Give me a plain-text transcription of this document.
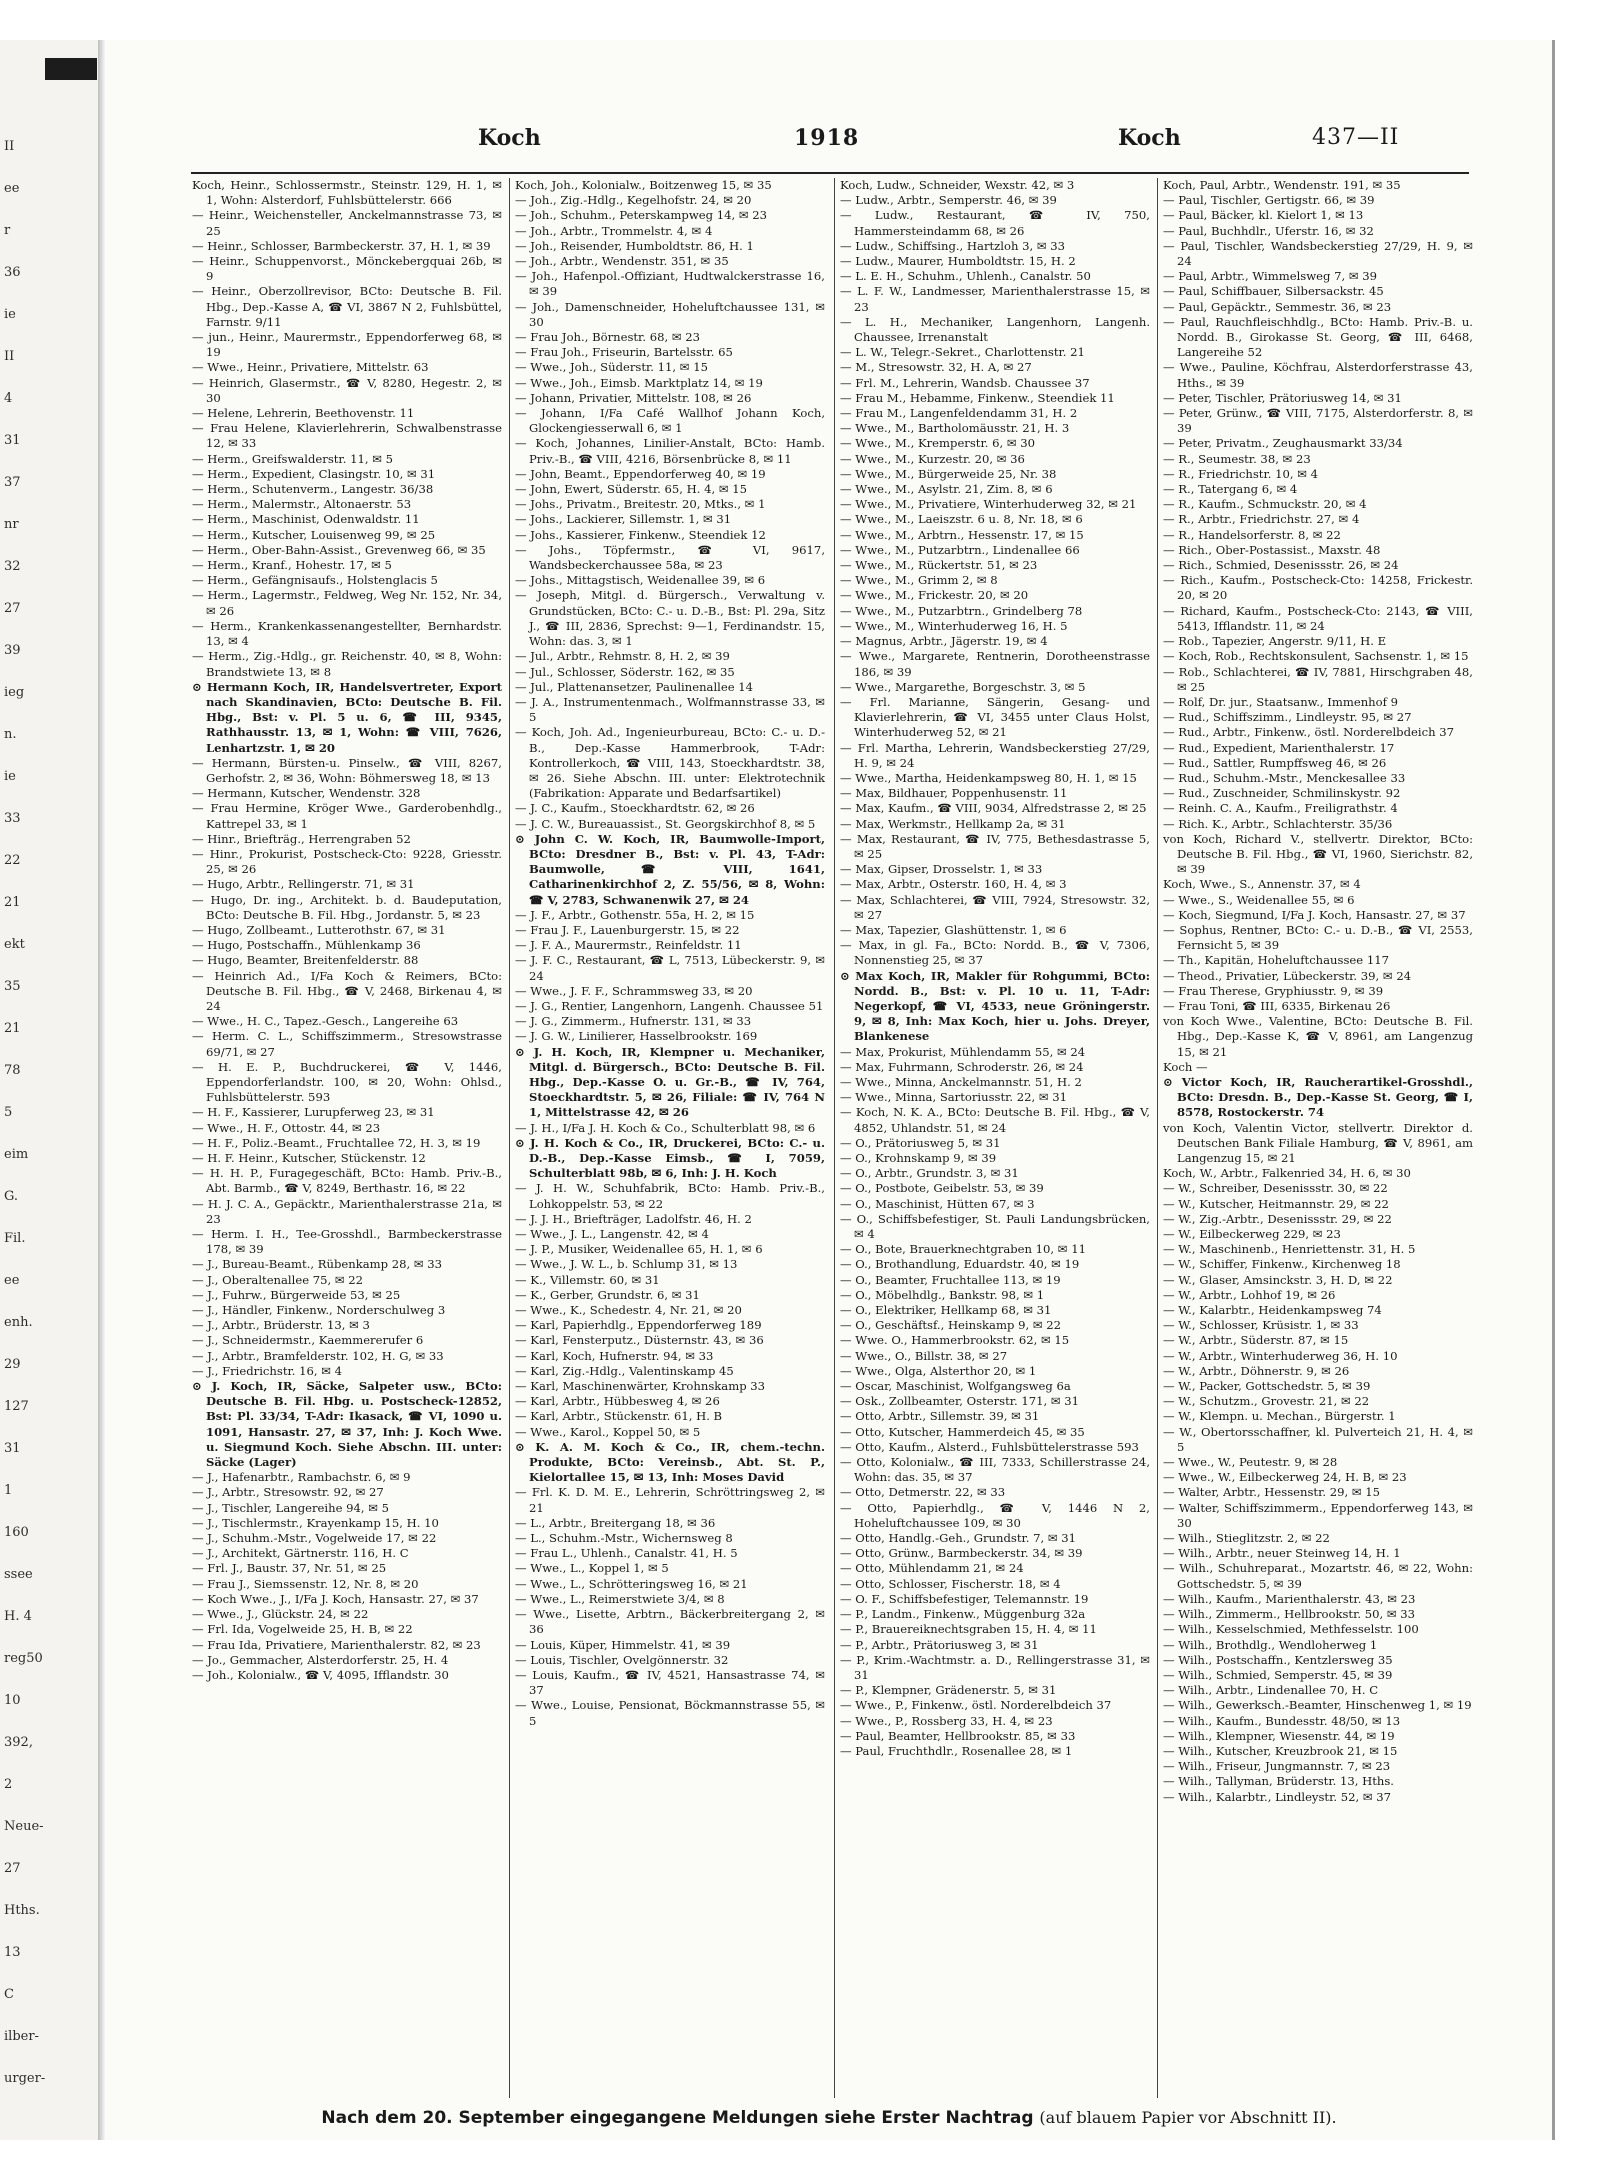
II
ee
r
36
ie
II
4
31
37
nr
32
27
39
ieg
n.
ie
33
22
21
ekt
35
21
78
5
eim
G.
Fil.
ee
enh.
29
127
31
1
160
ssee
H. 4
reg50
10
392,
2
Neue-
27
Hths.
13
C
ilber-
urger-
Koch	1918	Koch	437—II

Koch, Heinr., Schlossermstr., Steinstr. 129, H. 1, ✉ 1, Wohn: Alsterdorf, Fuhlsbüttelerstr. 666

— Heinr., Weichensteller, Anckelmannstrasse 73, ✉ 25

— Heinr., Schlosser, Barmbeckerstr. 37, H. 1, ✉ 39

— Heinr., Schuppenvorst., Mönckebergquai 26b, ✉ 9

— Heinr., Oberzollrevisor, BCto: Deutsche B. Fil. Hbg., Dep.-Kasse A, ☎ VI, 3867 N 2, Fuhlsbüttel, Farnstr. 9/11

— jun., Heinr., Maurermstr., Eppendorferweg 68, ✉ 19

— Wwe., Heinr., Privatiere, Mittelstr. 63

— Heinrich, Glasermstr., ☎ V, 8280, Hegestr. 2, ✉ 30

— Helene, Lehrerin, Beethovenstr. 11

— Frau Helene, Klavierlehrerin, Schwalbenstrasse 12, ✉ 33

— Herm., Greifswalderstr. 11, ✉ 5

— Herm., Expedient, Clasingstr. 10, ✉ 31

— Herm., Schutenverm., Langestr. 36/38

— Herm., Malermstr., Altonaerstr. 53

— Herm., Maschinist, Odenwaldstr. 11

— Herm., Kutscher, Louisenweg 99, ✉ 25

— Herm., Ober-Bahn-Assist., Grevenweg 66, ✉ 35

— Herm., Kranf., Hohestr. 17, ✉ 5

— Herm., Gefängnisaufs., Holstenglacis 5

— Herm., Lagermstr., Feldweg, Weg Nr. 152, Nr. 34, ✉ 26

— Herm., Krankenkassenangestellter, Bernhardstr. 13, ✉ 4

— Herm., Zig.-Hdlg., gr. Reichenstr. 40, ✉ 8, Wohn: Brandstwiete 13, ✉ 8

⊙ Hermann Koch, IR, Handelsvertreter, Export nach Skandinavien, BCto: Deutsche B. Fil. Hbg., Bst: v. Pl. 5 u. 6, ☎ III, 9345, Rathhausstr. 13, ✉ 1, Wohn: ☎ VIII, 7626, Lenhartzstr. 1, ✉ 20

— Hermann, Bürsten-u. Pinselw., ☎ VIII, 8267, Gerhofstr. 2, ✉ 36, Wohn: Böhmersweg 18, ✉ 13

— Hermann, Kutscher, Wendenstr. 328

— Frau Hermine, Kröger Wwe., Garderobenhdlg., Kattrepel 33, ✉ 1

— Hinr., Briefträg., Herrengraben 52

— Hinr., Prokurist, Postscheck-Cto: 9228, Griesstr. 25, ✉ 26

— Hugo, Arbtr., Rellingerstr. 71, ✉ 31

— Hugo, Dr. ing., Architekt. b. d. Baudeputation, BCto: Deutsche B. Fil. Hbg., Jordanstr. 5, ✉ 23

— Hugo, Zollbeamt., Lutterothstr. 67, ✉ 31

— Hugo, Postschaffn., Mühlenkamp 36

— Hugo, Beamter, Breitenfelderstr. 88

— Heinrich Ad., I/Fa Koch & Reimers, BCto: Deutsche B. Fil. Hbg., ☎ V, 2468, Birkenau 4, ✉ 24

— Wwe., H. C., Tapez.-Gesch., Langereihe 63

— Herm. C. L., Schiffszimmerm., Stresowstrasse 69/71, ✉ 27

— H. E. P., Buchdruckerei, ☎ V, 1446, Eppendorferlandstr. 100, ✉ 20, Wohn: Ohlsd., Fuhlsbüttelerstr. 593

— H. F., Kassierer, Lurupferweg 23, ✉ 31

— Wwe., H. F., Ottostr. 44, ✉ 23

— H. F., Poliz.-Beamt., Fruchtallee 72, H. 3, ✉ 19

— H. F. Heinr., Kutscher, Stückenstr. 12

— H. H. P., Furagegeschäft, BCto: Hamb. Priv.-B., Abt. Barmb., ☎ V, 8249, Berthastr. 16, ✉ 22

— H. J. C. A., Gepäcktr., Marienthalerstrasse 21a, ✉ 23

— Herm. I. H., Tee-Grosshdl., Barmbeckerstrasse 178, ✉ 39

— J., Bureau-Beamt., Rübenkamp 28, ✉ 33

— J., Oberaltenallee 75, ✉ 22

— J., Fuhrw., Bürgerweide 53, ✉ 25

— J., Händler, Finkenw., Norderschulweg 3

— J., Arbtr., Brüderstr. 13, ✉ 3

— J., Schneidermstr., Kaemmererufer 6

— J., Arbtr., Bramfelderstr. 102, H. G, ✉ 33

— J., Friedrichstr. 16, ✉ 4

⊙ J. Koch, IR, Säcke, Salpeter usw., BCto: Deutsche B. Fil. Hbg. u. Postscheck-12852, Bst: Pl. 33/34, T-Adr: Ikasack, ☎ VI, 1090 u. 1091, Hansastr. 27, ✉ 37, Inh: J. Koch Wwe. u. Siegmund Koch. Siehe Abschn. III. unter: Säcke (Lager)

— J., Hafenarbtr., Rambachstr. 6, ✉ 9

— J., Arbtr., Stresowstr. 92, ✉ 27

— J., Tischler, Langereihe 94, ✉ 5

— J., Tischlermstr., Krayenkamp 15, H. 10

— J., Schuhm.-Mstr., Vogelweide 17, ✉ 22

— J., Architekt, Gärtnerstr. 116, H. C

— Frl. J., Baustr. 37, Nr. 51, ✉ 25

— Frau J., Siemssenstr. 12, Nr. 8, ✉ 20

— Koch Wwe., J., I/Fa J. Koch, Hansastr. 27, ✉ 37

— Wwe., J., Glückstr. 24, ✉ 22

— Frl. Ida, Vogelweide 25, H. B, ✉ 22

— Frau Ida, Privatiere, Marienthalerstr. 82, ✉ 23

— Jo., Gemmacher, Alsterdorferstr. 25, H. 4

— Joh., Kolonialw., ☎ V, 4095, Ifflandstr. 30

Koch, Joh., Kolonialw., Boitzenweg 15, ✉ 35

— Joh., Zig.-Hdlg., Kegelhofstr. 24, ✉ 20

— Joh., Schuhm., Peterskampweg 14, ✉ 23

— Joh., Arbtr., Trommelstr. 4, ✉ 4

— Joh., Reisender, Humboldtstr. 86, H. 1

— Joh., Arbtr., Wendenstr. 351, ✉ 35

— Joh., Hafenpol.-Offiziant, Hudtwalckerstrasse 16, ✉ 39

— Joh., Damenschneider, Hoheluftchaussee 131, ✉ 30

— Frau Joh., Börnestr. 68, ✉ 23

— Frau Joh., Friseurin, Bartelsstr. 65

— Wwe., Joh., Süderstr. 11, ✉ 15

— Wwe., Joh., Eimsb. Marktplatz 14, ✉ 19

— Johann, Privatier, Mittelstr. 108, ✉ 26

— Johann, I/Fa Café Wallhof Johann Koch, Glockengiesserwall 6, ✉ 1

— Koch, Johannes, Linilier-Anstalt, BCto: Hamb. Priv.-B., ☎ VIII, 4216, Börsenbrücke 8, ✉ 11

— John, Beamt., Eppendorferweg 40, ✉ 19

— John, Ewert, Süderstr. 65, H. 4, ✉ 15

— Johs., Privatm., Breitestr. 20, Mtks., ✉ 1

— Johs., Lackierer, Sillemstr. 1, ✉ 31

— Johs., Kassierer, Finkenw., Steendiek 12

— Johs., Töpfermstr., ☎ VI, 9617, Wandsbeckerchaussee 58a, ✉ 23

— Johs., Mittagstisch, Weidenallee 39, ✉ 6

— Joseph, Mitgl. d. Bürgersch., Verwaltung v. Grundstücken, BCto: C.- u. D.-B., Bst: Pl. 29a, Sitz J., ☎ III, 2836, Sprechst: 9—1, Ferdinandstr. 15, Wohn: das. 3, ✉ 1

— Jul., Arbtr., Rehmstr. 8, H. 2, ✉ 39

— Jul., Schlosser, Söderstr. 162, ✉ 35

— Jul., Plattenansetzer, Paulinenallee 14

— J. A., Instrumentenmach., Wolfmannstrasse 33, ✉ 5

— Koch, Joh. Ad., Ingenieurbureau, BCto: C.- u. D.-B., Dep.-Kasse Hammerbrook, T-Adr: Kontrollerkoch, ☎ VIII, 143, Stoeckhardtstr. 38, ✉ 26. Siehe Abschn. III. unter: Elektrotechnik (Fabrikation: Apparate und Bedarfsartikel)

— J. C., Kaufm., Stoeckhardtstr. 62, ✉ 26

— J. C. W., Bureauassist., St. Georgskirchhof 8, ✉ 5

⊙ John C. W. Koch, IR, Baumwolle-Import, BCto: Dresdner B., Bst: v. Pl. 43, T-Adr: Baumwolle, ☎ VIII, 1641, Catharinenkirchhof 2, Z. 55/56, ✉ 8, Wohn: ☎ V, 2783, Schwanenwik 27, ✉ 24

— J. F., Arbtr., Gothenstr. 55a, H. 2, ✉ 15

— Frau J. F., Lauenburgerstr. 15, ✉ 22

— J. F. A., Maurermstr., Reinfeldstr. 11

— J. F. C., Restaurant, ☎ L, 7513, Lübeckerstr. 9, ✉ 24

— Wwe., J. F. F., Schrammsweg 33, ✉ 20

— J. G., Rentier, Langenhorn, Langenh. Chaussee 51

— J. G., Zimmerm., Hufnerstr. 131, ✉ 33

— J. G. W., Linilierer, Hasselbrookstr. 169

⊙ J. H. Koch, IR, Klempner u. Mechaniker, Mitgl. d. Bürgersch., BCto: Deutsche B. Fil. Hbg., Dep.-Kasse O. u. Gr.-B., ☎ IV, 764, Stoeckhardtstr. 5, ✉ 26, Filiale: ☎ IV, 764 N 1, Mittelstrasse 42, ✉ 26

— J. H., I/Fa J. H. Koch & Co., Schulterblatt 98, ✉ 6

⊙ J. H. Koch & Co., IR, Druckerei, BCto: C.- u. D.-B., Dep.-Kasse Eimsb., ☎ I, 7059, Schulterblatt 98b, ✉ 6, Inh: J. H. Koch

— J. H. W., Schuhfabrik, BCto: Hamb. Priv.-B., Lohkoppelstr. 53, ✉ 22

— J. J. H., Briefträger, Ladolfstr. 46, H. 2

— Wwe., J. L., Langenstr. 42, ✉ 4

— J. P., Musiker, Weidenallee 65, H. 1, ✉ 6

— Wwe., J. W. L., b. Schlump 31, ✉ 13

— K., Villemstr. 60, ✉ 31

— K., Gerber, Grundstr. 6, ✉ 31

— Wwe., K., Schedestr. 4, Nr. 21, ✉ 20

— Karl, Papierhdlg., Eppendorferweg 189

— Karl, Fensterputz., Düsternstr. 43, ✉ 36

— Karl, Koch, Hufnerstr. 94, ✉ 33

— Karl, Zig.-Hdlg., Valentinskamp 45

— Karl, Maschinenwärter, Krohnskamp 33

— Karl, Arbtr., Hübbesweg 4, ✉ 26

— Karl, Arbtr., Stückenstr. 61, H. B

— Wwe., Karol., Koppel 50, ✉ 5

⊙ K. A. M. Koch & Co., IR, chem.-techn. Produkte, BCto: Vereinsb., Abt. St. P., Kielortallee 15, ✉ 13, Inh: Moses David

— Frl. K. D. M. E., Lehrerin, Schröttringsweg 2, ✉ 21

— L., Arbtr., Breitergang 18, ✉ 36

— L., Schuhm.-Mstr., Wichernsweg 8

— Frau L., Uhlenh., Canalstr. 41, H. 5

— Wwe., L., Koppel 1, ✉ 5

— Wwe., L., Schrötteringsweg 16, ✉ 21

— Wwe., L., Reimerstwiete 3/4, ✉ 8

— Wwe., Lisette, Arbtrn., Bäckerbreitergang 2, ✉ 36

— Louis, Küper, Himmelstr. 41, ✉ 39

— Louis, Tischler, Ovelgönnerstr. 32

— Louis, Kaufm., ☎ IV, 4521, Hansastrasse 74, ✉ 37

— Wwe., Louise, Pensionat, Böckmannstrasse 55, ✉ 5

Koch, Ludw., Schneider, Wexstr. 42, ✉ 3

— Ludw., Arbtr., Semperstr. 46, ✉ 39

— Ludw., Restaurant, ☎ IV, 750, Hammersteindamm 68, ✉ 26

— Ludw., Schiffsing., Hartzloh 3, ✉ 33

— Ludw., Maurer, Humboldtstr. 15, H. 2

— L. E. H., Schuhm., Uhlenh., Canalstr. 50

— L. F. W., Landmesser, Marienthalerstrasse 15, ✉ 23

— L. H., Mechaniker, Langenhorn, Langenh. Chaussee, Irrenanstalt

— L. W., Telegr.-Sekret., Charlottenstr. 21

— M., Stresowstr. 32, H. A, ✉ 27

— Frl. M., Lehrerin, Wandsb. Chaussee 37

— Frau M., Hebamme, Finkenw., Steendiek 11

— Frau M., Langenfeldendamm 31, H. 2

— Wwe., M., Bartholomäusstr. 21, H. 3

— Wwe., M., Kremperstr. 6, ✉ 30

— Wwe., M., Kurzestr. 20, ✉ 36

— Wwe., M., Bürgerweide 25, Nr. 38

— Wwe., M., Asylstr. 21, Zim. 8, ✉ 6

— Wwe., M., Privatiere, Winterhuderweg 32, ✉ 21

— Wwe., M., Laeiszstr. 6 u. 8, Nr. 18, ✉ 6

— Wwe., M., Arbtrn., Hessenstr. 17, ✉ 15

— Wwe., M., Putzarbtrn., Lindenallee 66

— Wwe., M., Rückertstr. 51, ✉ 23

— Wwe., M., Grimm 2, ✉ 8

— Wwe., M., Frickestr. 20, ✉ 20

— Wwe., M., Putzarbtrn., Grindelberg 78

— Wwe., M., Winterhuderweg 16, H. 5

— Magnus, Arbtr., Jägerstr. 19, ✉ 4

— Wwe., Margarete, Rentnerin, Dorotheenstrasse 186, ✉ 39

— Wwe., Margarethe, Borgeschstr. 3, ✉ 5

— Frl. Marianne, Sängerin, Gesang- und Klavierlehrerin, ☎ VI, 3455 unter Claus Holst, Winterhuderweg 52, ✉ 21

— Frl. Martha, Lehrerin, Wandsbeckerstieg 27/29, H. 9, ✉ 24

— Wwe., Martha, Heidenkampsweg 80, H. 1, ✉ 15

— Max, Bildhauer, Poppenhusenstr. 11

— Max, Kaufm., ☎ VIII, 9034, Alfredstrasse 2, ✉ 25

— Max, Werkmstr., Hellkamp 2a, ✉ 31

— Max, Restaurant, ☎ IV, 775, Bethesdastrasse 5, ✉ 25

— Max, Gipser, Drosselstr. 1, ✉ 33

— Max, Arbtr., Osterstr. 160, H. 4, ✉ 3

— Max, Schlachterei, ☎ VIII, 7924, Stresowstr. 32, ✉ 27

— Max, Tapezier, Glashüttenstr. 1, ✉ 6

— Max, in gl. Fa., BCto: Nordd. B., ☎ V, 7306, Nonnenstieg 25, ✉ 37

⊙ Max Koch, IR, Makler für Rohgummi, BCto: Nordd. B., Bst: v. Pl. 10 u. 11, T-Adr: Negerkopf, ☎ VI, 4533, neue Gröningerstr. 9, ✉ 8, Inh: Max Koch, hier u. Johs. Dreyer, Blankenese

— Max, Prokurist, Mühlendamm 55, ✉ 24

— Max, Fuhrmann, Schroderstr. 26, ✉ 24

— Wwe., Minna, Anckelmannstr. 51, H. 2

— Wwe., Minna, Sartoriusstr. 22, ✉ 31

— Koch, N. K. A., BCto: Deutsche B. Fil. Hbg., ☎ V, 4852, Uhlandstr. 51, ✉ 24

— O., Prätoriusweg 5, ✉ 31

— O., Krohnskamp 9, ✉ 39

— O., Arbtr., Grundstr. 3, ✉ 31

— O., Postbote, Geibelstr. 53, ✉ 39

— O., Maschinist, Hütten 67, ✉ 3

— O., Schiffsbefestiger, St. Pauli Landungsbrücken, ✉ 4

— O., Bote, Brauerknechtgraben 10, ✉ 11

— O., Brothandlung, Eduardstr. 40, ✉ 19

— O., Beamter, Fruchtallee 113, ✉ 19

— O., Möbelhdlg., Bankstr. 98, ✉ 1

— O., Elektriker, Hellkamp 68, ✉ 31

— O., Geschäftsf., Heinskamp 9, ✉ 22

— Wwe. O., Hammerbrookstr. 62, ✉ 15

— Wwe., O., Billstr. 38, ✉ 27

— Wwe., Olga, Alsterthor 20, ✉ 1

— Oscar, Maschinist, Wolfgangsweg 6a

— Osk., Zollbeamter, Osterstr. 171, ✉ 31

— Otto, Arbtr., Sillemstr. 39, ✉ 31

— Otto, Kutscher, Hammerdeich 45, ✉ 35

— Otto, Kaufm., Alsterd., Fuhlsbüttelerstrasse 593

— Otto, Kolonialw., ☎ III, 7333, Schillerstrasse 24, Wohn: das. 35, ✉ 37

— Otto, Detmerstr. 22, ✉ 33

— Otto, Papierhdlg., ☎ V, 1446 N 2, Hoheluftchaussee 109, ✉ 30

— Otto, Handlg.-Geh., Grundstr. 7, ✉ 31

— Otto, Grünw., Barmbeckerstr. 34, ✉ 39

— Otto, Mühlendamm 21, ✉ 24

— Otto, Schlosser, Fischerstr. 18, ✉ 4

— O. F., Schiffsbefestiger, Telemannstr. 19

— P., Landm., Finkenw., Müggenburg 32a

— P., Brauereiknechtsgraben 15, H. 4, ✉ 11

— P., Arbtr., Prätoriusweg 3, ✉ 31

— P., Krim.-Wachtmstr. a. D., Rellingerstrasse 31, ✉ 31

— P., Klempner, Grädenerstr. 5, ✉ 31

— Wwe., P., Finkenw., östl. Norderelbdeich 37

— Wwe., P., Rossberg 33, H. 4, ✉ 23

— Paul, Beamter, Hellbrookstr. 85, ✉ 33

— Paul, Fruchthdlr., Rosenallee 28, ✉ 1

Koch, Paul, Arbtr., Wendenstr. 191, ✉ 35

— Paul, Tischler, Gertigstr. 66, ✉ 39

— Paul, Bäcker, kl. Kielort 1, ✉ 13

— Paul, Buchhdlr., Uferstr. 16, ✉ 32

— Paul, Tischler, Wandsbeckerstieg 27/29, H. 9, ✉ 24

— Paul, Arbtr., Wimmelsweg 7, ✉ 39

— Paul, Schiffbauer, Silbersackstr. 45

— Paul, Gepäcktr., Semmestr. 36, ✉ 23

— Paul, Rauchfleischhdlg., BCto: Hamb. Priv.-B. u. Nordd. B., Girokasse St. Georg, ☎ III, 6468, Langereihe 52

— Wwe., Pauline, Köchfrau, Alsterdorferstrasse 43, Hths., ✉ 39

— Peter, Tischler, Prätoriusweg 14, ✉ 31

— Peter, Grünw., ☎ VIII, 7175, Alsterdorferstr. 8, ✉ 39

— Peter, Privatm., Zeughausmarkt 33/34

— R., Seumestr. 38, ✉ 23

— R., Friedrichstr. 10, ✉ 4

— R., Tatergang 6, ✉ 4

— R., Kaufm., Schmuckstr. 20, ✉ 4

— R., Arbtr., Friedrichstr. 27, ✉ 4

— R., Handelsorferstr. 8, ✉ 22

— Rich., Ober-Postassist., Maxstr. 48

— Rich., Schmied, Desenissstr. 26, ✉ 24

— Rich., Kaufm., Postscheck-Cto: 14258, Frickestr. 20, ✉ 20

— Richard, Kaufm., Postscheck-Cto: 2143, ☎ VIII, 5413, Ifflandstr. 11, ✉ 24

— Rob., Tapezier, Angerstr. 9/11, H. E

— Koch, Rob., Rechtskonsulent, Sachsenstr. 1, ✉ 15

— Rob., Schlachterei, ☎ IV, 7881, Hirschgraben 48, ✉ 25

— Rolf, Dr. jur., Staatsanw., Immenhof 9

— Rud., Schiffszimm., Lindleystr. 95, ✉ 27

— Rud., Arbtr., Finkenw., östl. Norderelbdeich 37

— Rud., Expedient, Marienthalerstr. 17

— Rud., Sattler, Rumpffsweg 46, ✉ 26

— Rud., Schuhm.-Mstr., Menckesallee 33

— Rud., Zuschneider, Schmilinskystr. 92

— Reinh. C. A., Kaufm., Freiligrathstr. 4

— Rich. K., Arbtr., Schlachterstr. 35/36

von Koch, Richard V., stellvertr. Direktor, BCto: Deutsche B. Fil. Hbg., ☎ VI, 1960, Sierichstr. 82, ✉ 39

Koch, Wwe., S., Annenstr. 37, ✉ 4

— Wwe., S., Weidenallee 55, ✉ 6

— Koch, Siegmund, I/Fa J. Koch, Hansastr. 27, ✉ 37

— Sophus, Rentner, BCto: C.- u. D.-B., ☎ VI, 2553, Fernsicht 5, ✉ 39

— Th., Kapitän, Hoheluftchaussee 117

— Theod., Privatier, Lübeckerstr. 39, ✉ 24

— Frau Therese, Gryphiusstr. 9, ✉ 39

— Frau Toni, ☎ III, 6335, Birkenau 26

von Koch Wwe., Valentine, BCto: Deutsche B. Fil. Hbg., Dep.-Kasse K, ☎ V, 8961, am Langenzug 15, ✉ 21

Koch —

⊙ Victor Koch, IR, Raucherartikel-Grosshdl., BCto: Dresdn. B., Dep.-Kasse St. Georg, ☎ I, 8578, Rostockerstr. 74

von Koch, Valentin Victor, stellvertr. Direktor d. Deutschen Bank Filiale Hamburg, ☎ V, 8961, am Langenzug 15, ✉ 21

Koch, W., Arbtr., Falkenried 34, H. 6, ✉ 30

— W., Schreiber, Desenissstr. 30, ✉ 22

— W., Kutscher, Heitmannstr. 29, ✉ 22

— W., Zig.-Arbtr., Desenissstr. 29, ✉ 22

— W., Eilbeckerweg 229, ✉ 23

— W., Maschinenb., Henriettenstr. 31, H. 5

— W., Schiffer, Finkenw., Kirchenweg 18

— W., Glaser, Amsinckstr. 3, H. D, ✉ 22

— W., Arbtr., Lohhof 19, ✉ 26

— W., Kalarbtr., Heidenkampsweg 74

— W., Schlosser, Krüsistr. 1, ✉ 33

— W., Arbtr., Süderstr. 87, ✉ 15

— W., Arbtr., Winterhuderweg 36, H. 10

— W., Arbtr., Döhnerstr. 9, ✉ 26

— W., Packer, Gottschedstr. 5, ✉ 39

— W., Schutzm., Grovestr. 21, ✉ 22

— W., Klempn. u. Mechan., Bürgerstr. 1

— W., Obertorsschaffner, kl. Pulverteich 21, H. 4, ✉ 5

— Wwe., W., Peutestr. 9, ✉ 28

— Wwe., W., Eilbeckerweg 24, H. B, ✉ 23

— Walter, Arbtr., Hessenstr. 29, ✉ 15

— Walter, Schiffszimmerm., Eppendorferweg 143, ✉ 30

— Wilh., Stieglitzstr. 2, ✉ 22

— Wilh., Arbtr., neuer Steinweg 14, H. 1

— Wilh., Schuhreparat., Mozartstr. 46, ✉ 22, Wohn: Gottschedstr. 5, ✉ 39

— Wilh., Kaufm., Marienthalerstr. 43, ✉ 23

— Wilh., Zimmerm., Hellbrookstr. 50, ✉ 33

— Wilh., Kesselschmied, Methfesselstr. 100

— Wilh., Brothdlg., Wendloherweg 1

— Wilh., Postschaffn., Kentzlersweg 35

— Wilh., Schmied, Semperstr. 45, ✉ 39

— Wilh., Arbtr., Lindenallee 70, H. C

— Wilh., Gewerksch.-Beamter, Hinschenweg 1, ✉ 19

— Wilh., Kaufm., Bundesstr. 48/50, ✉ 13

— Wilh., Klempner, Wiesenstr. 44, ✉ 19

— Wilh., Kutscher, Kreuzbrook 21, ✉ 15

— Wilh., Friseur, Jungmannstr. 7, ✉ 23

— Wilh., Tallyman, Brüderstr. 13, Hths.

— Wilh., Kalarbtr., Lindleystr. 52, ✉ 37

Nach dem 20. September eingegangene Meldungen siehe Erster Nachtrag (auf blauem Papier vor Abschnitt II).
